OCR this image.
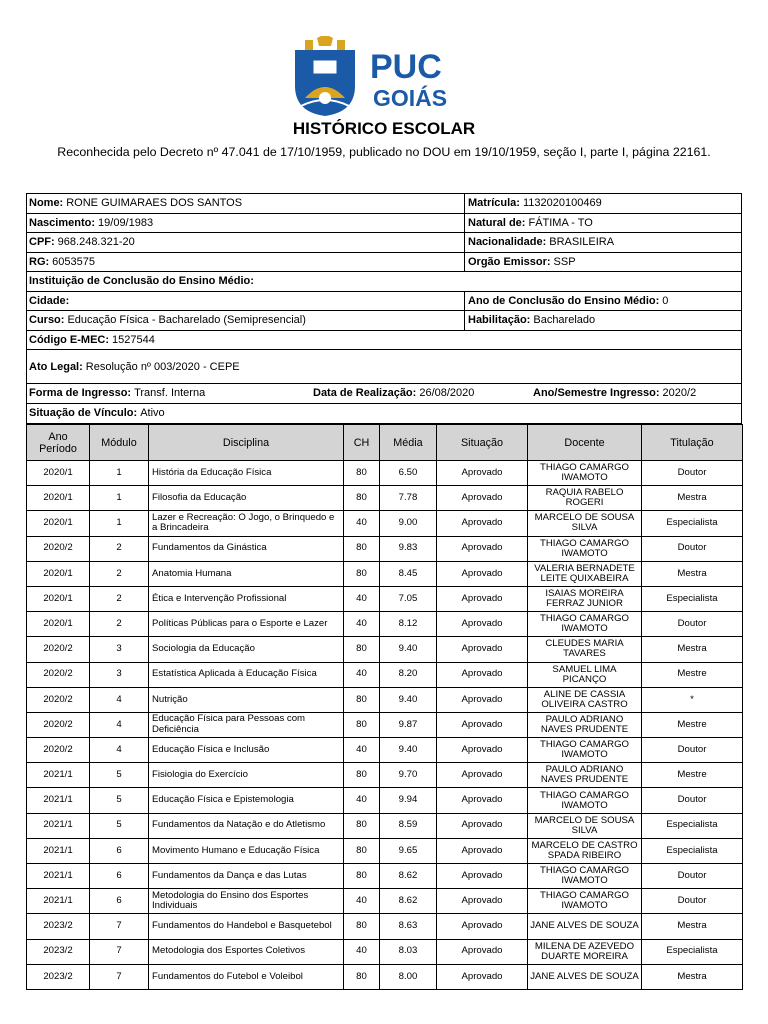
PUC
GOIÁS
HISTÓRICO ESCOLAR
Reconhecida pelo Decreto nº 47.041 de 17/10/1959, publicado no DOU em 19/10/1959, seção I, parte I, página 22161.
Nome: RONE GUIMARAES DOS SANTOS	Matrícula: 1132020100469
Nascimento: 19/09/1983	Natural de: FÁTIMA - TO
CPF: 968.248.321-20	Nacionalidade: BRASILEIRA
RG: 6053575	Orgão Emissor: SSP
Instituição de Conclusão do Ensino Médio:
Cidade:	Ano de Conclusão do Ensino Médio: 0
Curso: Educação Física - Bacharelado (Semipresencial)	Habilitação: Bacharelado
Código E-MEC: 1527544
Ato Legal: Resolução nº 003/2020 - CEPE
Forma de Ingresso: Transf. Interna	Data de Realização: 26/08/2020	Ano/Semestre Ingresso: 2020/2
Situação de Vínculo: Ativo
Ano
Período	Módulo	Disciplina	CH	Média	Situação	Docente	Titulação
2020/1	1	História da Educação Física	80	6.50	Aprovado	THIAGO CAMARGO IWAMOTO	Doutor
2020/1	1	Filosofia da Educação	80	7.78	Aprovado	RAQUIA RABELO ROGERI	Mestra
2020/1	1	Lazer e Recreação: O Jogo, o Brinquedo e a Brincadeira	40	9.00	Aprovado	MARCELO DE SOUSA SILVA	Especialista
2020/2	2	Fundamentos da Ginástica	80	9.83	Aprovado	THIAGO CAMARGO IWAMOTO	Doutor
2020/1	2	Anatomia Humana	80	8.45	Aprovado	VALERIA BERNADETE LEITE QUIXABEIRA	Mestra
2020/1	2	Ética e Intervenção Profissional	40	7.05	Aprovado	ISAIAS MOREIRA FERRAZ JUNIOR	Especialista
2020/1	2	Políticas Públicas para o Esporte e Lazer	40	8.12	Aprovado	THIAGO CAMARGO IWAMOTO	Doutor
2020/2	3	Sociologia da Educação	80	9.40	Aprovado	CLEUDES MARIA TAVARES	Mestra
2020/2	3	Estatística Aplicada à Educação Física	40	8.20	Aprovado	SAMUEL LIMA PICANÇO	Mestre
2020/2	4	Nutrição	80	9.40	Aprovado	ALINE DE CASSIA OLIVEIRA CASTRO	*
2020/2	4	Educação Física para Pessoas com Deficiência	80	9.87	Aprovado	PAULO ADRIANO NAVES PRUDENTE	Mestre
2020/2	4	Educação Física e Inclusão	40	9.40	Aprovado	THIAGO CAMARGO IWAMOTO	Doutor
2021/1	5	Fisiologia do Exercício	80	9.70	Aprovado	PAULO ADRIANO NAVES PRUDENTE	Mestre
2021/1	5	Educação Física e Epistemologia	40	9.94	Aprovado	THIAGO CAMARGO IWAMOTO	Doutor
2021/1	5	Fundamentos da Natação e do Atletismo	80	8.59	Aprovado	MARCELO DE SOUSA SILVA	Especialista
2021/1	6	Movimento Humano e Educação Física	80	9.65	Aprovado	MARCELO DE CASTRO SPADA RIBEIRO	Especialista
2021/1	6	Fundamentos da Dança e das Lutas	80	8.62	Aprovado	THIAGO CAMARGO IWAMOTO	Doutor
2021/1	6	Metodologia do Ensino dos Esportes Individuais	40	8.62	Aprovado	THIAGO CAMARGO IWAMOTO	Doutor
2023/2	7	Fundamentos do Handebol e Basquetebol	80	8.63	Aprovado	JANE ALVES DE SOUZA	Mestra
2023/2	7	Metodologia dos Esportes Coletivos	40	8.03	Aprovado	MILENA DE AZEVEDO DUARTE MOREIRA	Especialista
2023/2	7	Fundamentos do Futebol e Voleibol	80	8.00	Aprovado	JANE ALVES DE SOUZA	Mestra
